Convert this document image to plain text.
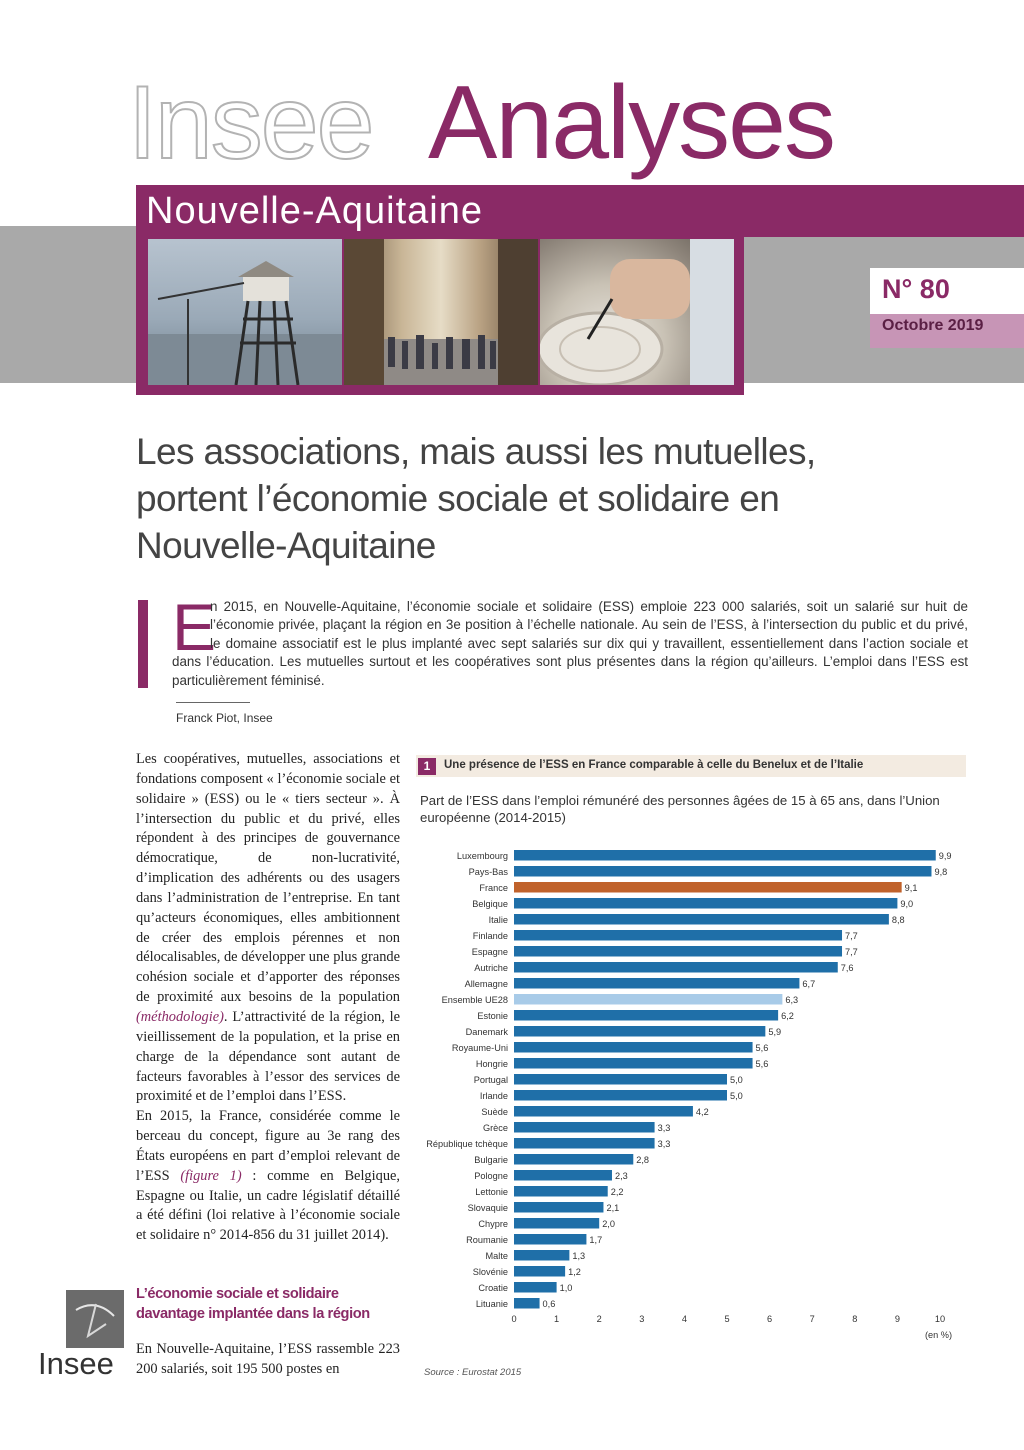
Insee Analyses
Nouvelle-Aquitaine
N° 80
Octobre 2019
Les associations, mais aussi les mutuelles, portent l’économie sociale et solidaire en Nouvelle-Aquitaine
E
n 2015, en Nouvelle-Aquitaine, l’économie sociale et solidaire (ESS) emploie 223 000 salariés, soit un salarié sur huit de l’économie privée, plaçant la région en 3e position à l’échelle nationale. Au sein de l’ESS, à l’intersection du public et du privé, le domaine associatif est le plus implanté avec sept salariés sur dix qui y travaillent, essentiellement dans l’action sociale et dans l’éducation. Les mutuelles surtout et les coopératives sont plus présentes dans la région qu’ailleurs. L’emploi dans l’ESS est particulièrement féminisé.
Franck Piot, Insee

Les coopératives, mutuelles, associations et fondations composent « l’économie sociale et solidaire » (ESS) ou le « tiers secteur ». À l’intersection du public et du privé, elles répondent à des principes de gouvernance démocratique, de non-lucrativité, d’implication des adhérents ou des usagers dans l’administration de l’entreprise. En tant qu’acteurs économiques, elles ambitionnent de créer des emplois pérennes et non délocalisables, de développer une plus grande cohésion sociale et d’apporter des réponses de proximité aux besoins de la population (méthodologie). L’attractivité de la région, le vieillissement de la population, et la prise en charge de la dépendance sont autant de facteurs favorables à l’essor des services de proximité et de l’emploi dans l’ESS.

En 2015, la France, considérée comme le berceau du concept, figure au 3e rang des États européens en part d’emploi relevant de l’ESS (figure 1) : comme en Belgique, Espagne ou Italie, un cadre législatif détaillé a été défini (loi relative à l’économie sociale et solidaire n° 2014-856 du 31 juillet 2014).

L’économie sociale et solidaire davantage implantée dans la région
En Nouvelle-Aquitaine, l’ESS rassemble 223 200 salariés, soit 195 500 postes en
Insee
1	Une présence de l’ESS en France comparable à celle du Benelux et de l’Italie
Part de l’ESS dans l’emploi rémunéré des personnes âgées de 15 à 65 ans, dans l’Union européenne (2014-2015)
Luxembourg	9,9
Pays-Bas	9,8
France	9,1
Belgique	9,0
Italie	8,8
Finlande	7,7
Espagne	7,7
Autriche	7,6
Allemagne	6,7
Ensemble UE28	6,3
Estonie	6,2
Danemark	5,9
Royaume-Uni	5,6
Hongrie	5,6
Portugal	5,0
Irlande	5,0
Suède	4,2
Grèce	3,3
République tchèque	3,3
Bulgarie	2,8
Pologne	2,3
Lettonie	2,2
Slovaquie	2,1
Chypre	2,0
Roumanie	1,7
Malte	1,3
Slovénie	1,2
Croatie	1,0
Lituanie	0,6
0	1	2	3	4	5	6	7	8	9	10
(en %)
Source : Eurostat 2015
